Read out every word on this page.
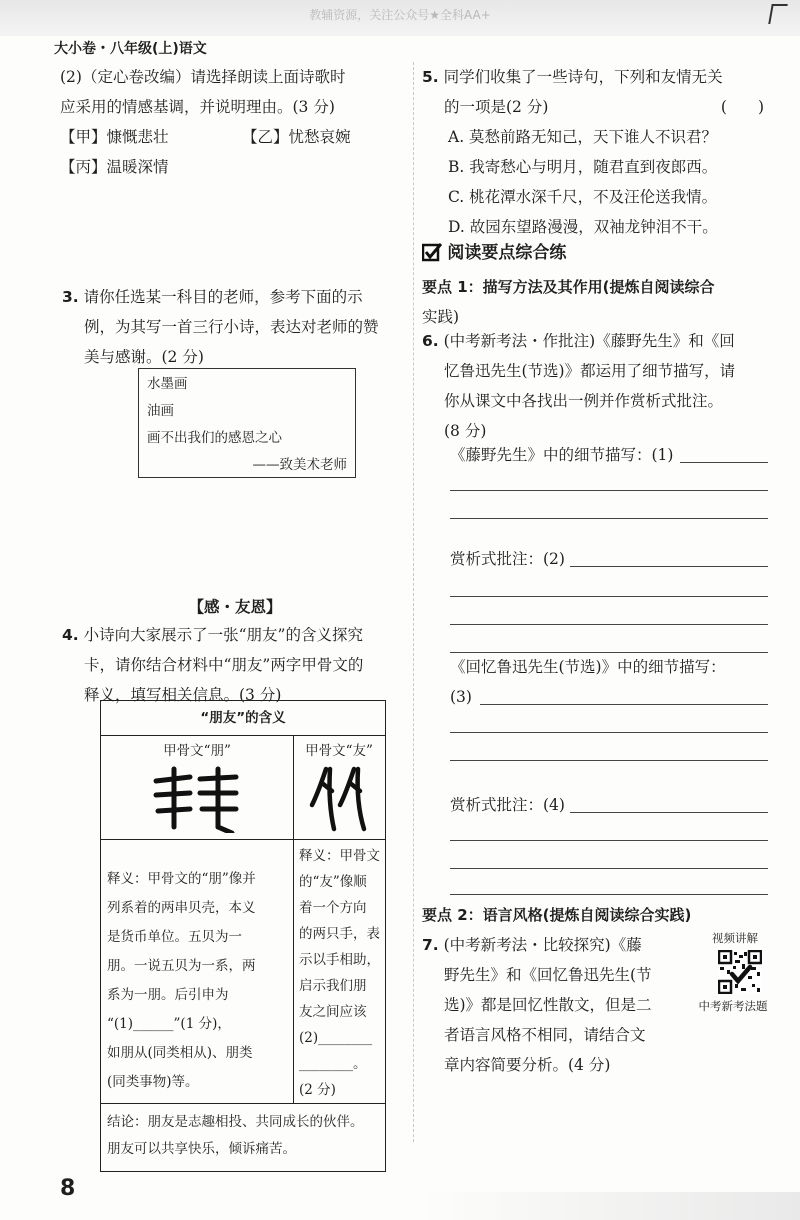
教辅资源，关注公众号★全科AA+
大小卷・八年级(上)语文
(2)（定心卷改编）请选择朗读上面诗歌时
应采用的情感基调，并说明理由。(3 分)
【甲】慷慨悲壮	【乙】忧愁哀婉
【丙】温暖深情
3. 请你任选某一科目的老师，参考下面的示
例，为其写一首三行小诗，表达对老师的赞
美与感谢。(2 分)
水墨画
油画
画不出我们的感恩之心
——致美术老师
【感・友恩】
4. 小诗向大家展示了一张“朋友”的含义探究
卡，请你结合材料中“朋友”两字甲骨文的
释义，填写相关信息。(3 分)
“朋友”的含义
甲骨文“朋”	甲骨文“友”
释义：甲骨文的“朋”像并
列系着的两串贝壳，本义
是货币单位。五贝为一
朋。一说五贝为一系，两
系为一朋。后引申为
“(1)______”(1 分)，
如朋从(同类相从)、朋类
(同类事物)等。
释义：甲骨文
的“友”像顺
着一个方向
的两只手，表
示以手相助，
启示我们朋
友之间应该
(2)________
________。
(2 分)
结论：朋友是志趣相投、共同成长的伙伴。
朋友可以共享快乐，倾诉痛苦。
8
5. 同学们收集了一些诗句，下列和友情无关
的一项是(2 分)	(　　)
A. 莫愁前路无知己，天下谁人不识君？
B. 我寄愁心与明月，随君直到夜郎西。
C. 桃花潭水深千尺，不及汪伦送我情。
D. 故园东望路漫漫，双袖龙钟泪不干。
阅读要点综合练
要点 1：描写方法及其作用(提炼自阅读综合
实践)
6. (中考新考法・作批注)《藤野先生》和《回
忆鲁迅先生(节选)》都运用了细节描写，请
你从课文中各找出一例并作赏析式批注。
(8 分)
《藤野先生》中的细节描写：(1)
赏析式批注：(2)
《回忆鲁迅先生(节选)》中的细节描写：
(3)
赏析式批注：(4)
要点 2：语言风格(提炼自阅读综合实践)
7. (中考新考法・比较探究)《藤
野先生》和《回忆鲁迅先生(节
选)》都是回忆性散文，但是二
者语言风格不相同，请结合文
章内容简要分析。(4 分)
视频讲解
中考新考法题
